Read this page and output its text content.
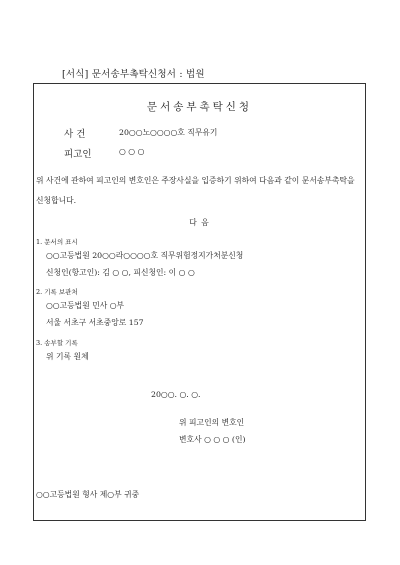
[서식] 문서송부촉탁신청서 : 법원
문서송부촉탁신청
사 건	20○○노○○○○호 직무유기
피고인	○ ○ ○
위 사건에 관하여 피고인의 변호인은 주장사실을 입증하기 위하여 다음과 같이 문서송부촉탁을 신청합니다.
다 음
1. 문서의 표시
○○고등법원 20○○라○○○○호 직무위험정지가처분신청
신청인(항고인): 김 ○ ○, 피신청인: 이 ○ ○
2. 기록 보관처
○○고등법원 민사 ○부
서울 서초구 서초중앙로 157
3. 송부할 기록
위 기록 원체
20○○. ○. ○.
위 피고인의 변호인
변호사 ○ ○ ○ (인)
○○고등법원 형사 제○부 귀중
